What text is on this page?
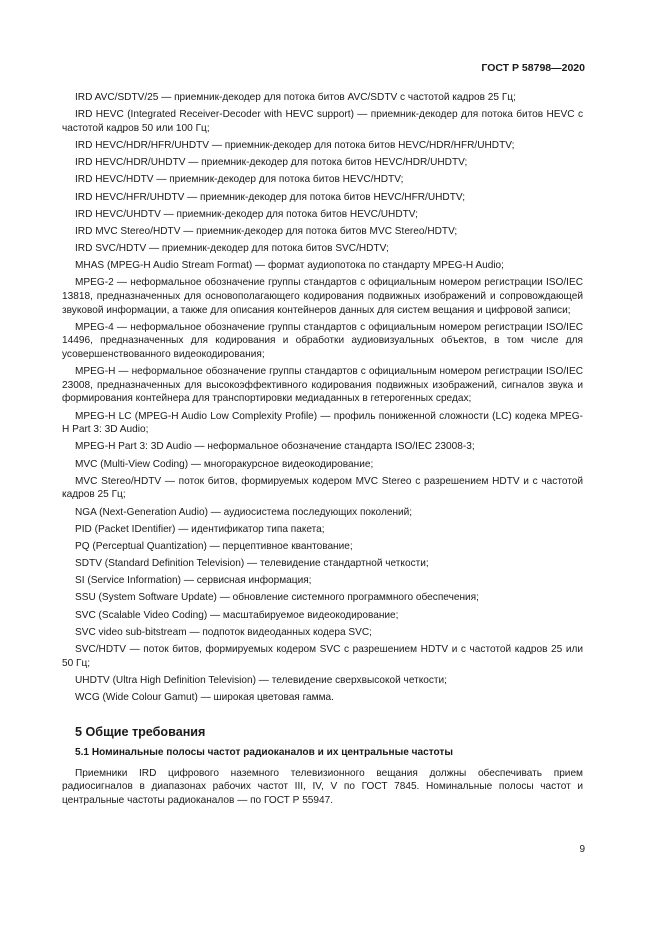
ГОСТ Р 58798—2020

IRD AVC/SDTV/25 — приемник-декодер для потока битов AVC/SDTV с частотой кадров 25 Гц;

IRD HEVC (Integrated Receiver-Decoder with HEVC support) — приемник-декодер для потока битов HEVC с частотой кадров 50 или 100 Гц;

IRD HEVC/HDR/HFR/UHDTV — приемник-декодер для потока битов HEVC/HDR/HFR/UHDTV;

IRD HEVC/HDR/UHDTV — приемник-декодер для потока битов HEVC/HDR/UHDTV;

IRD HEVC/HDTV — приемник-декодер для потока битов HEVC/HDTV;

IRD HEVC/HFR/UHDTV — приемник-декодер для потока битов HEVC/HFR/UHDTV;

IRD HEVC/UHDTV — приемник-декодер для потока битов HEVC/UHDTV;

IRD MVC Stereo/HDTV — приемник-декодер для потока битов MVC Stereo/HDTV;

IRD SVC/HDTV — приемник-декодер для потока битов SVC/HDTV;

MHAS (MPEG-H Audio Stream Format) — формат аудиопотока по стандарту MPEG-H Audio;

MPEG-2 — неформальное обозначение группы стандартов с официальным номером регистрации ISO/IEC 13818, предназначенных для основополагающего кодирования подвижных изображений и сопровождающей звуковой информации, а также для описания контейнеров данных для систем вещания и цифровой записи;

MPEG-4 — неформальное обозначение группы стандартов с официальным номером регистрации ISO/IEC 14496, предназначенных для кодирования и обработки аудиовизуальных объектов, в том числе для усовершенствованного видеокодирования;

MPEG-H — неформальное обозначение группы стандартов с официальным номером регистрации ISO/IEC 23008, предназначенных для высокоэффективного кодирования подвижных изображений, сигналов звука и формирования контейнера для транспортировки медиаданных в гетерогенных средах;

MPEG-H LC (MPEG-H Audio Low Complexity Profile) — профиль пониженной сложности (LC) кодека MPEG-H Part 3: 3D Audio;

MPEG-H Part 3: 3D Audio — неформальное обозначение стандарта ISO/IEC 23008-3;

MVC (Multi-View Coding) — многоракурсное видеокодирование;

MVC Stereo/HDTV — поток битов, формируемых кодером MVC Stereo с разрешением HDTV и с частотой кадров 25 Гц;

NGA (Next-Generation Audio) — аудиосистема последующих поколений;

PID (Packet IDentifier) — идентификатор типа пакета;

PQ (Perceptual Quantization) — перцептивное квантование;

SDTV (Standard Definition Television) — телевидение стандартной четкости;

SI (Service Information) — сервисная информация;

SSU (System Software Update) — обновление системного программного обеспечения;

SVC (Scalable Video Coding) — масштабируемое видеокодирование;

SVC video sub-bitstream — подпоток видеоданных кодера SVC;

SVC/HDTV — поток битов, формируемых кодером SVC с разрешением HDTV и с частотой кадров 25 или 50 Гц;

UHDTV (Ultra High Definition Television) — телевидение сверхвысокой четкости;

WCG (Wide Colour Gamut) — широкая цветовая гамма.

5 Общие требования
5.1 Номинальные полосы частот радиоканалов и их центральные частоты

Приемники IRD цифрового наземного телевизионного вещания должны обеспечивать прием радиосигналов в диапазонах рабочих частот III, IV, V по ГОСТ 7845. Номинальные полосы частот и центральные частоты радиоканалов — по ГОСТ Р 55947.

9
